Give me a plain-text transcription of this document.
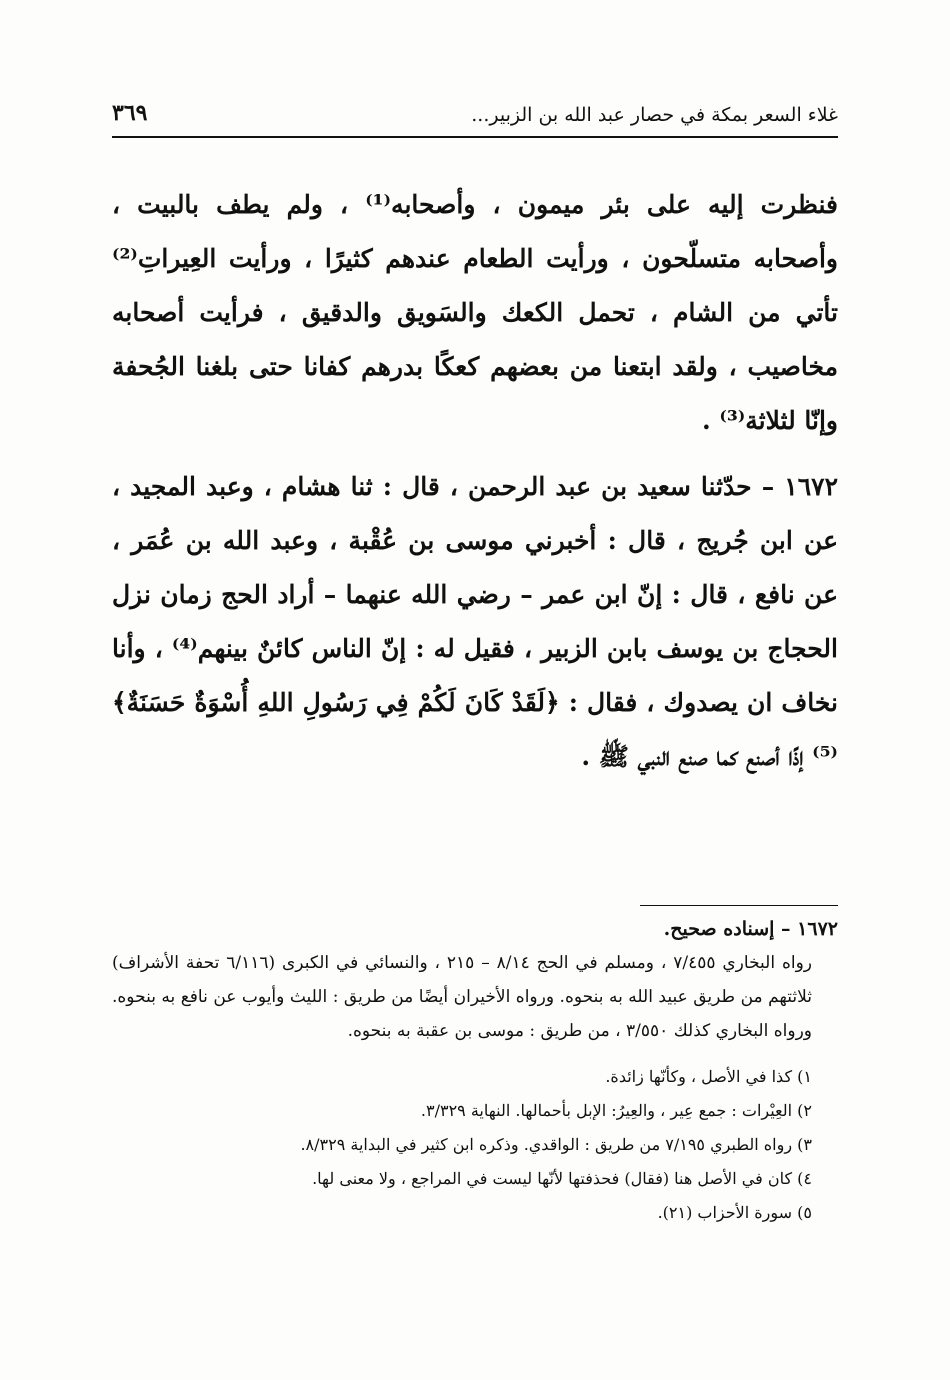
غلاء السعر بمكة في حصار عبد الله بن الزبير...
٣٦٩

فنظرت إليه على بئر ميمون ، وأصحابه⁽¹⁾ ، ولم يطف بالبيت ، وأصحابه متسلّحون ، ورأيت الطعام عندهم كثيرًا ، ورأيت العِيراتِ⁽²⁾ تأتي من الشام ، تحمل الكعك والسَويق والدقيق ، فرأيت أصحابه مخاصيب ، ولقد ابتعنا من بعضهم كعكًا بدرهم كفانا حتى بلغنا الجُحفة وإنّا لثلاثة⁽³⁾ .

١٦٧٢ – حدّثنا سعيد بن عبد الرحمن ، قال : ثنا هشام ، وعبد المجيد ، عن ابن جُريج ، قال : أخبرني موسى بن عُقْبة ، وعبد الله بن عُمَر ، عن نافع ، قال : إنّ ابن عمر – رضي الله عنهما – أراد الحج زمان نزل الحجاج بن يوسف بابن الزبير ، فقيل له : إنّ الناس كائنٌ بينهم⁽⁴⁾ ، وأنا نخاف ان يصدوك ، فقال : ﴿لَقَدْ كَانَ لَكُمْ فِي رَسُولِ اللهِ أُسْوَةٌ حَسَنَةٌ﴾⁽⁵⁾ إذًا أصنع كما صنع النبي ﷺ .

١٦٧٢ – إسناده صحيح.

رواه البخاري ٧/٤٥٥ ، ومسلم في الحج ٨/١٤ – ٢١٥ ، والنسائي في الكبرى (٦/١١٦ تحفة الأشراف) ثلاثتهم من طريق عبيد الله به بنحوه. ورواه الأخيران أيضًا من طريق : الليث وأيوب عن نافع به بنحوه. ورواه البخاري كذلك ٣/٥٥٠ ، من طريق : موسى بن عقبة به بنحوه.

١) كذا في الأصل ، وكأنّها زائدة.
٢) العِيْرات : جمع عِير ، والعِيرُ: الإبل بأحمالها. النهاية ٣/٣٢٩.
٣) رواه الطبري ٧/١٩٥ من طريق : الواقدي. وذكره ابن كثير في البداية ٨/٣٢٩.
٤) كان في الأصل هنا (فقال) فحذفتها لأنّها ليست في المراجع ، ولا معنى لها.
٥) سورة الأحزاب (٢١).
